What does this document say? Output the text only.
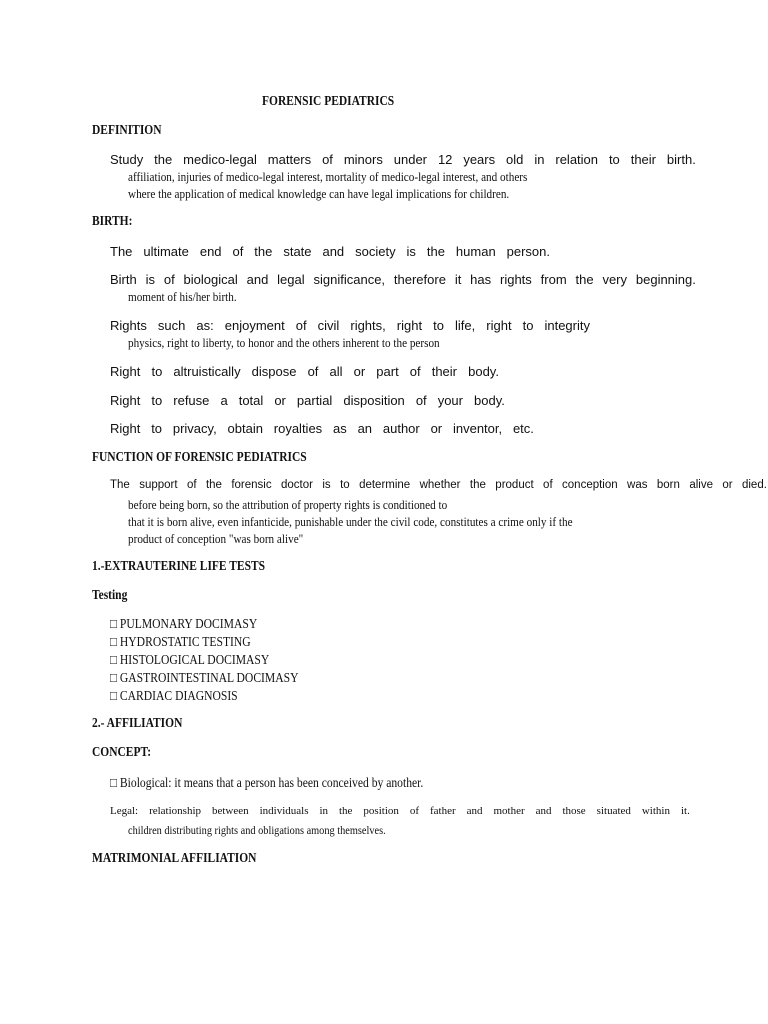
FORENSIC PEDIATRICS
DEFINITION
Study the medico-legal matters of minors under 12 years old in relation to their birth.
affiliation, injuries of medico-legal interest, mortality of medico-legal interest, and others
where the application of medical knowledge can have legal implications for children.
BIRTH:
The ultimate end of the state and society is the human person.
Birth is of biological and legal significance, therefore it has rights from the very beginning.
moment of his/her birth.
Rights such as: enjoyment of civil rights, right to life, right to integrity
physics, right to liberty, to honor and the others inherent to the person
Right to altruistically dispose of all or part of their body.
Right to refuse a total or partial disposition of your body.
Right to privacy, obtain royalties as an author or inventor, etc.
FUNCTION OF FORENSIC PEDIATRICS
The support of the forensic doctor is to determine whether the product of conception was born alive or died.
before being born, so the attribution of property rights is conditioned to
that it is born alive, even infanticide, punishable under the civil code, constitutes a crime only if the
product of conception "was born alive"
1.-EXTRAUTERINE LIFE TESTS
Testing
□ PULMONARY DOCIMASY
□ HYDROSTATIC TESTING
□ HISTOLOGICAL DOCIMASY
□ GASTROINTESTINAL DOCIMASY
□ CARDIAC DIAGNOSIS
2.- AFFILIATION
CONCEPT:
□ Biological: it means that a person has been conceived by another.
Legal: relationship between individuals in the position of father and mother and those situated within it.
children distributing rights and obligations among themselves.
MATRIMONIAL AFFILIATION
